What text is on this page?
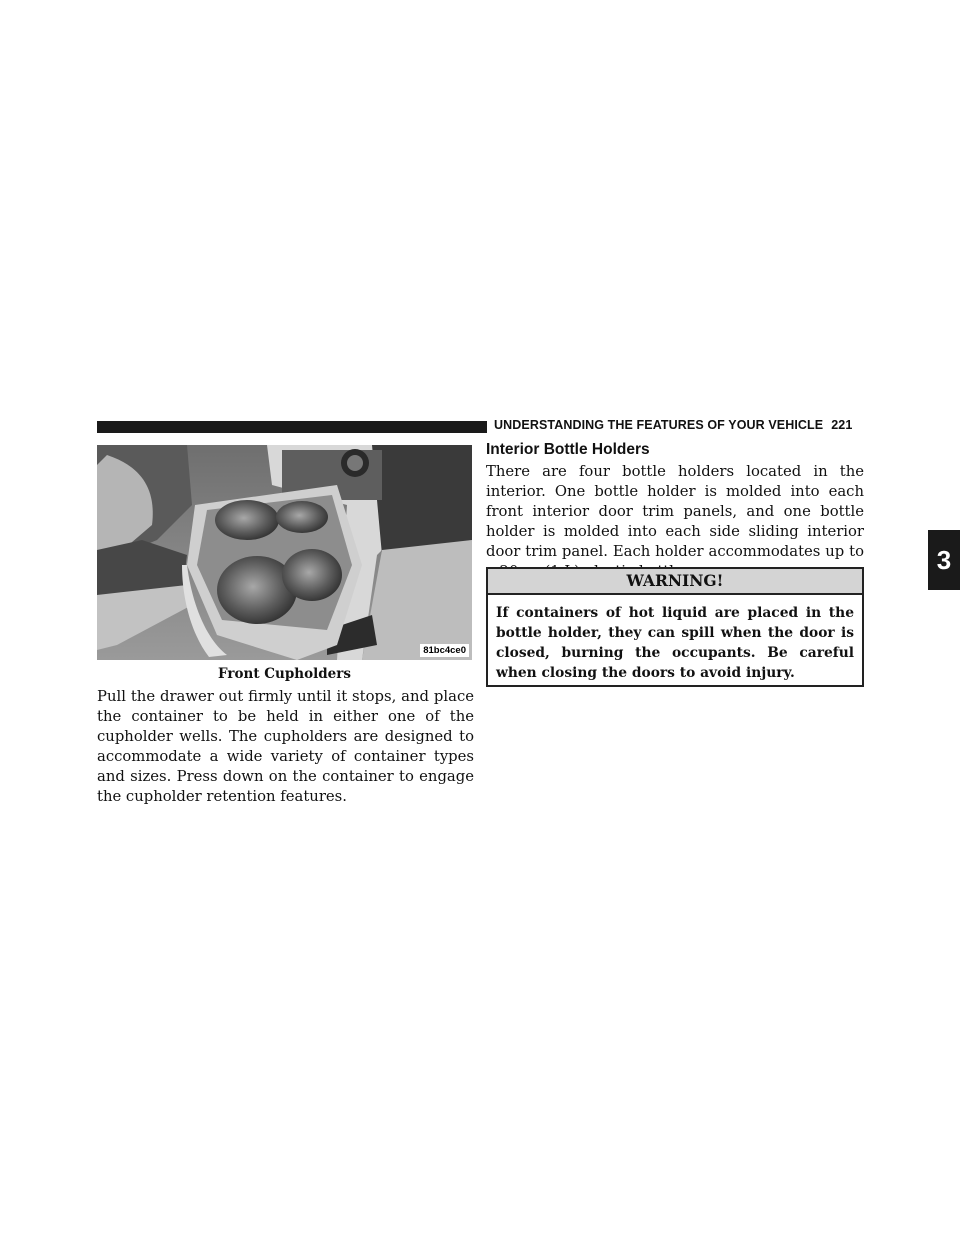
UNDERSTANDING THE FEATURES OF YOUR VEHICLE 221
3
81bc4ce0
Front Cupholders

Pull the drawer out firmly until it stops, and place the container to be held in either one of the cupholder wells. The cupholders are designed to accommodate a wide variety of container types and sizes. Press down on the container to engage the cupholder retention features.

Interior Bottle Holders

There are four bottle holders located in the interior. One bottle holder is molded into each front interior door trim panels, and one bottle holder is molded into each side sliding interior door trim panel. Each holder accommodates up to

WARNING!

If containers of hot liquid are placed in the bottle holder, they can spill when the door is closed, burning the occupants. Be careful when closing the doors to avoid injury.
